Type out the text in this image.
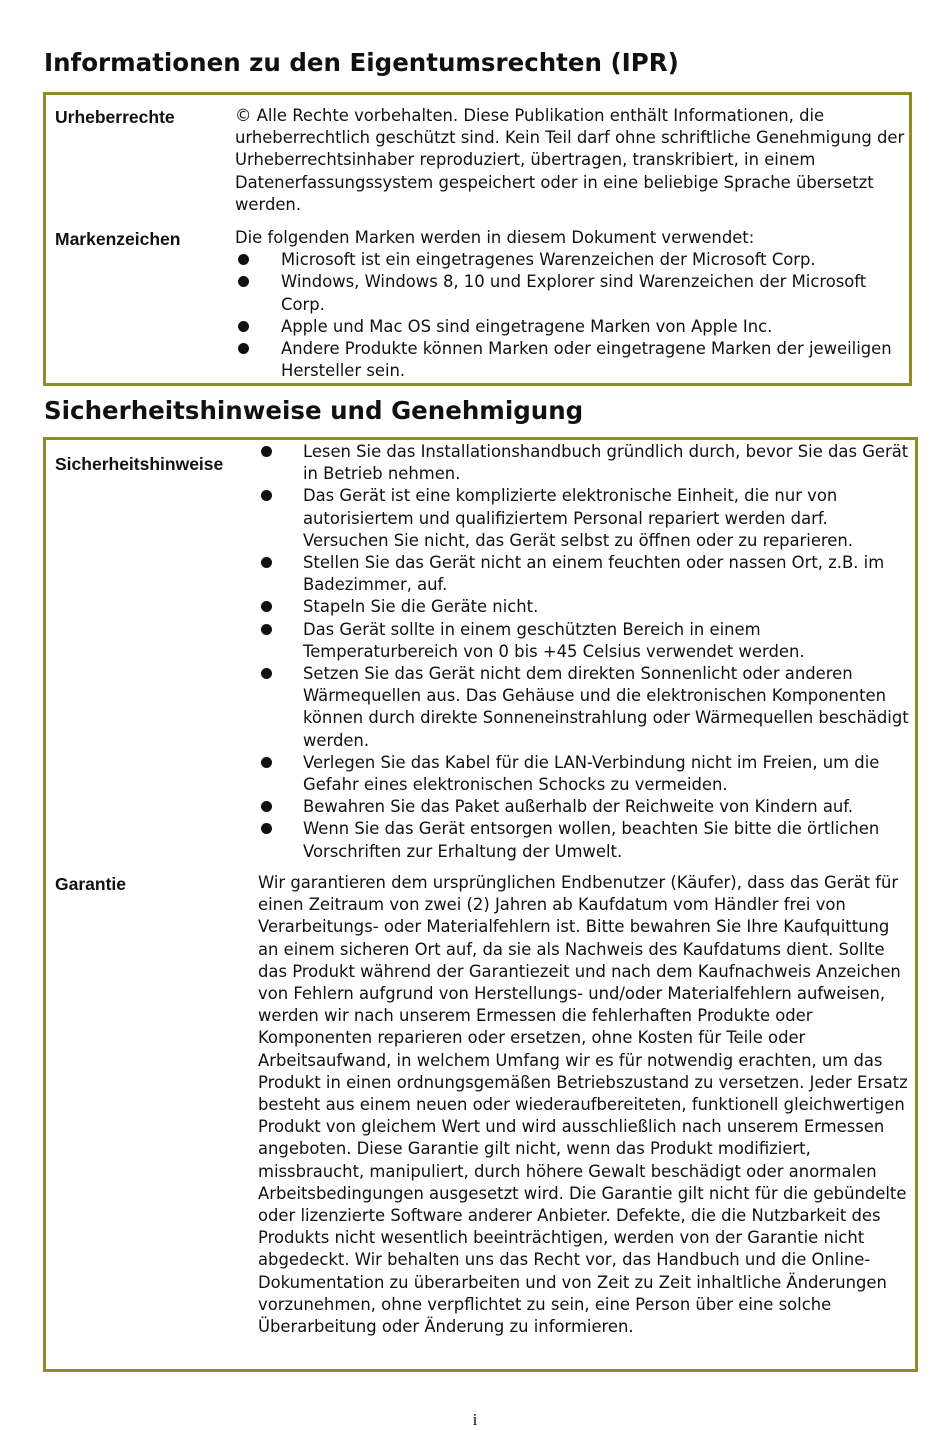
Informationen zu den Eigentumsrechten (IPR)
Urheberrechte	© Alle Rechte vorbehalten. Diese Publikation enthält Informationen, die urheberrechtlich geschützt sind. Kein Teil darf ohne schriftliche Genehmigung der Urheberrechtsinhaber reproduziert, übertragen, transkribiert, in einem Datenerfassungssystem gespeichert oder in eine beliebige Sprache übersetzt werden.

Markenzeichen	Die folgenden Marken werden in diesem Dokument verwendet:

Microsoft ist ein eingetragenes Warenzeichen der Microsoft Corp.
Windows, Windows 8, 10 und Explorer sind Warenzeichen der Microsoft Corp.
Apple und Mac OS sind eingetragene Marken von Apple Inc.
Andere Produkte können Marken oder eingetragene Marken der jeweiligen Hersteller sein.
Sicherheitshinweise und Genehmigung
Sicherheitshinweise
Lesen Sie das Installationshandbuch gründlich durch, bevor Sie das Gerät in Betrieb nehmen.
Das Gerät ist eine komplizierte elektronische Einheit, die nur von autorisiertem und qualifiziertem Personal repariert werden darf. Versuchen Sie nicht, das Gerät selbst zu öffnen oder zu reparieren.
Stellen Sie das Gerät nicht an einem feuchten oder nassen Ort, z.B. im Badezimmer, auf.
Stapeln Sie die Geräte nicht.
Das Gerät sollte in einem geschützten Bereich in einem Temperaturbereich von 0 bis +45 Celsius verwendet werden.
Setzen Sie das Gerät nicht dem direkten Sonnenlicht oder anderen Wärmequellen aus. Das Gehäuse und die elektronischen Komponenten können durch direkte Sonneneinstrahlung oder Wärmequellen beschädigt werden.
Verlegen Sie das Kabel für die LAN-Verbindung nicht im Freien, um die Gefahr eines elektronischen Schocks zu vermeiden.
Bewahren Sie das Paket außerhalb der Reichweite von Kindern auf.
Wenn Sie das Gerät entsorgen wollen, beachten Sie bitte die örtlichen Vorschriften zur Erhaltung der Umwelt.
Garantie	Wir garantieren dem ursprünglichen Endbenutzer (Käufer), dass das Gerät für einen Zeitraum von zwei (2) Jahren ab Kaufdatum vom Händler frei von Verarbeitungs- oder Materialfehlern ist. Bitte bewahren Sie Ihre Kaufquittung an einem sicheren Ort auf, da sie als Nachweis des Kaufdatums dient. Sollte das Produkt während der Garantiezeit und nach dem Kaufnachweis Anzeichen von Fehlern aufgrund von Herstellungs- und/oder Materialfehlern aufweisen, werden wir nach unserem Ermessen die fehlerhaften Produkte oder Komponenten reparieren oder ersetzen, ohne Kosten für Teile oder Arbeitsaufwand, in welchem Umfang wir es für notwendig erachten, um das Produkt in einen ordnungsgemäßen Betriebszustand zu versetzen. Jeder Ersatz besteht aus einem neuen oder wiederaufbereiteten, funktionell gleichwertigen Produkt von gleichem Wert und wird ausschließlich nach unserem Ermessen angeboten. Diese Garantie gilt nicht, wenn das Produkt modifiziert, missbraucht, manipuliert, durch höhere Gewalt beschädigt oder anormalen Arbeitsbedingungen ausgesetzt wird. Die Garantie gilt nicht für die gebündelte oder lizenzierte Software anderer Anbieter. Defekte, die die Nutzbarkeit des Produkts nicht wesentlich beeinträchtigen, werden von der Garantie nicht abgedeckt. Wir behalten uns das Recht vor, das Handbuch und die Online-Dokumentation zu überarbeiten und von Zeit zu Zeit inhaltliche Änderungen vorzunehmen, ohne verpflichtet zu sein, eine Person über eine solche Überarbeitung oder Änderung zu informieren.

i
